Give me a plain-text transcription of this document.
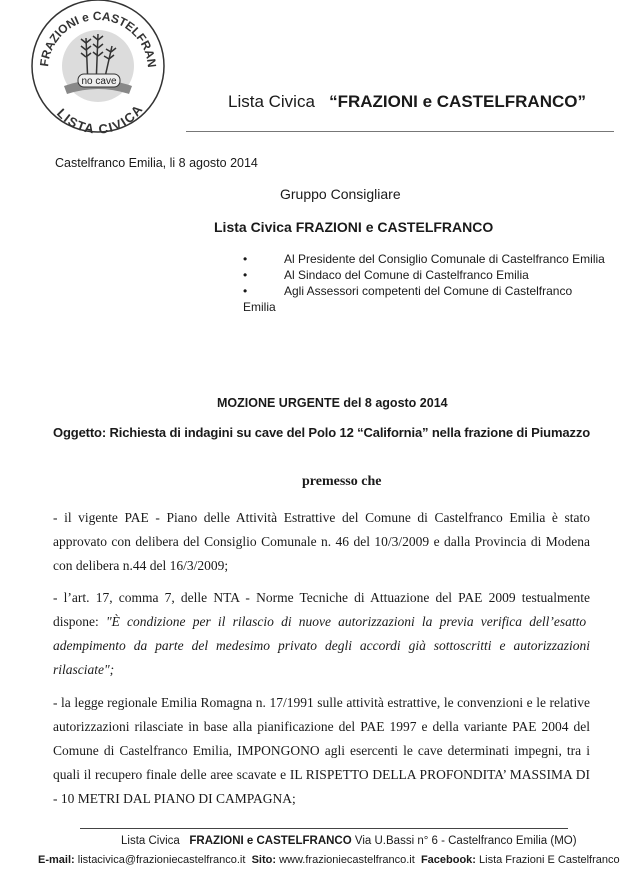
FRAZIONI e CASTELFRAN
no cave
LISTA CIVICA	Lista Civica “FRAZIONI e CASTELFRANCO”
Castelfranco Emilia, li 8 agosto 2014
Gruppo Consigliare
Lista Civica FRAZIONI e CASTELFRANCO
•	Al Presidente del Consiglio Comunale di Castelfranco Emilia
•	Al Sindaco del Comune di Castelfranco Emilia
•	Agli Assessori competenti del Comune di Castelfranco
Emilia
MOZIONE URGENTE del 8 agosto 2014
Oggetto: Richiesta di indagini su cave del Polo 12 “California” nella frazione di Piumazzo
premesso che
- il vigente PAE - Piano delle Attività Estrattive del Comune di Castelfranco Emilia è stato
approvato con delibera del Consiglio Comunale n. 46 del 10/3/2009 e dalla Provincia di Modena
con delibera n.44 del 16/3/2009;
- l’art. 17, comma 7, delle NTA - Norme Tecniche di Attuazione del PAE 2009 testualmente
dispone: "È condizione per il rilascio di nuove autorizzazioni la previa verifica dell’esatto
adempimento da parte del medesimo privato degli accordi già sottoscritti e autorizzazioni
rilasciate";
- la legge regionale Emilia Romagna n. 17/1991 sulle attività estrattive, le convenzioni e le relative
autorizzazioni rilasciate in base alla pianificazione del PAE 1997 e della variante PAE 2004 del
Comune di Castelfranco Emilia, IMPONGONO agli esercenti le cave determinati impegni, tra i
quali il recupero finale delle aree scavate e IL RISPETTO DELLA PROFONDITA’ MASSIMA DI
- 10 METRI DAL PIANO DI CAMPAGNA;
Lista Civica FRAZIONI e CASTELFRANCO Via U.Bassi n° 6 - Castelfranco Emilia (MO)
E-mail: listacivica@frazioniecastelfranco.it Sito: www.frazioniecastelfranco.it Facebook: Lista Frazioni E Castelfranco
